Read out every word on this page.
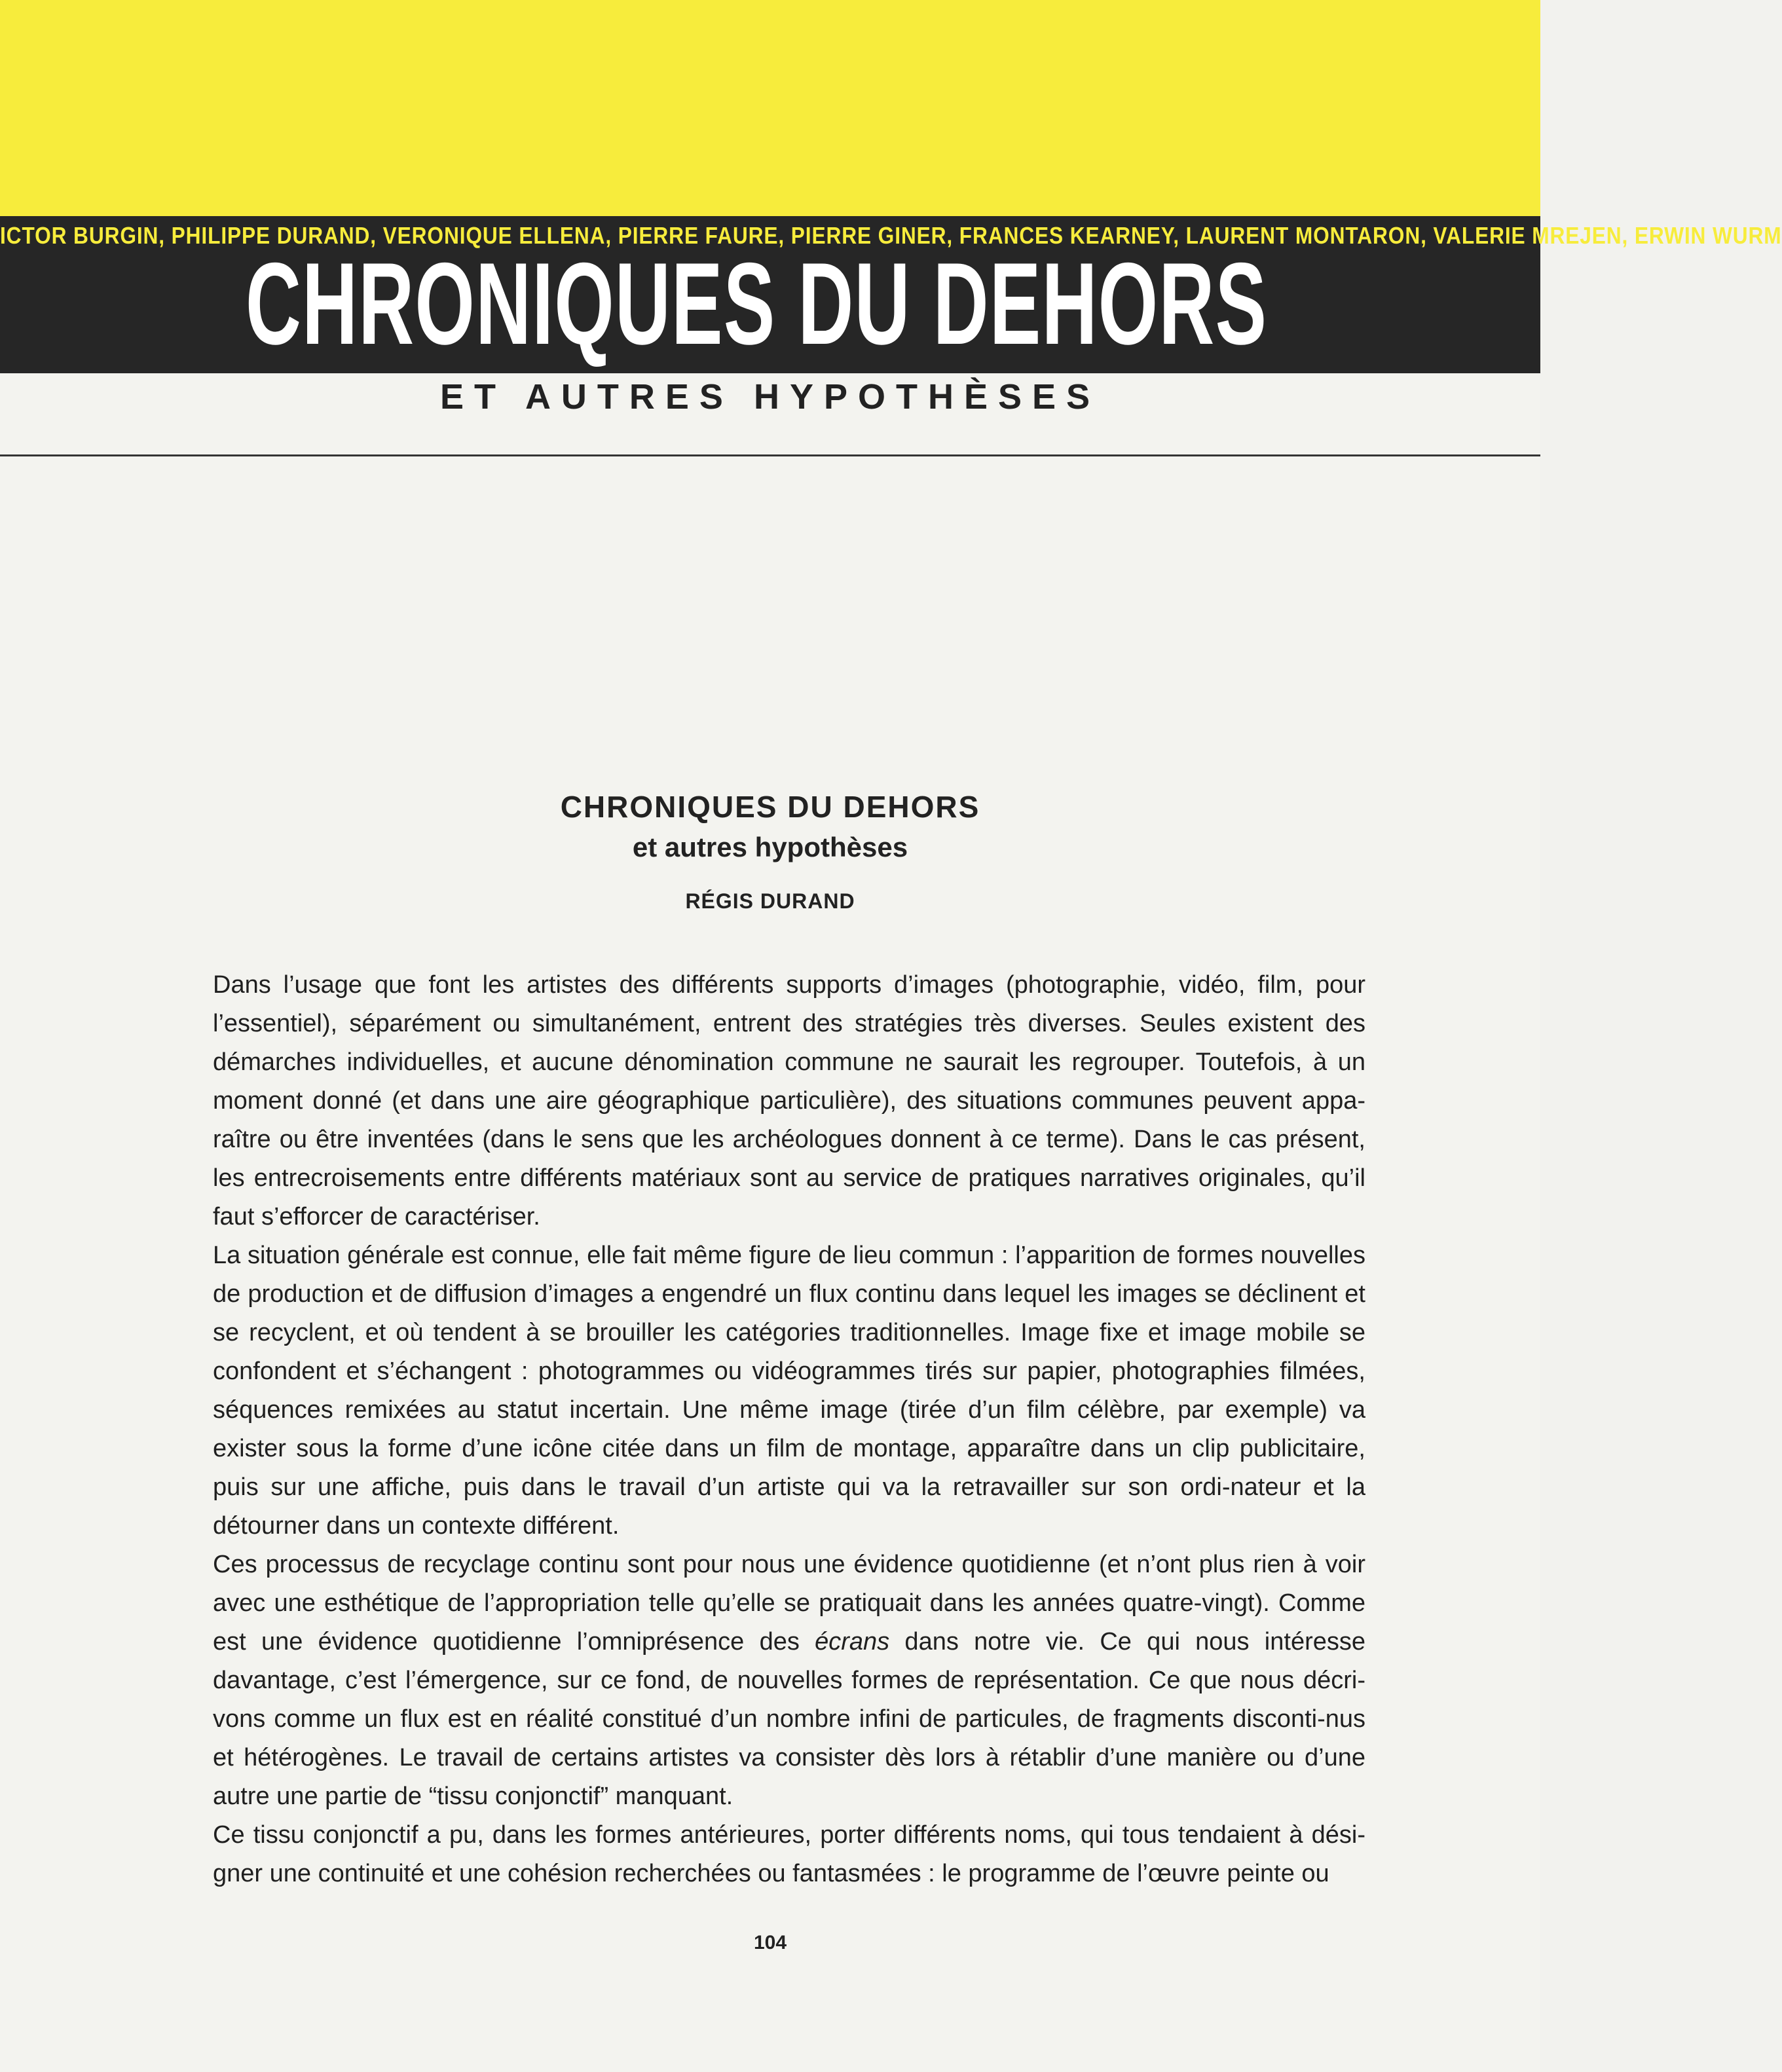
ICTOR BURGIN, PHILIPPE DURAND, VERONIQUE ELLENA, PIERRE FAURE, PIERRE GINER, FRANCES KEARNEY, LAURENT MONTARON, VALERIE MREJEN, ERWIN WURM
CHRONIQUES DU DEHORS
ET AUTRES HYPOTHÈSES
CHRONIQUES DU DEHORS
et autres hypothèses
RÉGIS DURAND

Dans l’usage que font les artistes des différents supports d’images (photographie, vidéo, film, pour l’essentiel), séparément ou simultanément, entrent des stratégies très diverses. Seules existent des démarches individuelles, et aucune dénomination commune ne saurait les regrouper. Toutefois, à un moment donné (et dans une aire géographique particulière), des situations communes peuvent appa-raître ou être inventées (dans le sens que les archéologues donnent à ce terme). Dans le cas présent, les entrecroisements entre différents matériaux sont au service de pratiques narratives originales, qu’il faut s’efforcer de caractériser.

La situation générale est connue, elle fait même figure de lieu commun : l’apparition de formes nouvelles de production et de diffusion d’images a engendré un flux continu dans lequel les images se déclinent et se recyclent, et où tendent à se brouiller les catégories traditionnelles. Image fixe et image mobile se confondent et s’échangent : photogrammes ou vidéogrammes tirés sur papier, photographies filmées, séquences remixées au statut incertain. Une même image (tirée d’un film célèbre, par exemple) va exister sous la forme d’une icône citée dans un film de montage, apparaître dans un clip publicitaire, puis sur une affiche, puis dans le travail d’un artiste qui va la retravailler sur son ordi-nateur et la détourner dans un contexte différent.

Ces processus de recyclage continu sont pour nous une évidence quotidienne (et n’ont plus rien à voir avec une esthétique de l’appropriation telle qu’elle se pratiquait dans les années quatre-vingt). Comme est une évidence quotidienne l’omniprésence des écrans dans notre vie. Ce qui nous intéresse davantage, c’est l’émergence, sur ce fond, de nouvelles formes de représentation. Ce que nous décri-vons comme un flux est en réalité constitué d’un nombre infini de particules, de fragments disconti-nus et hétérogènes. Le travail de certains artistes va consister dès lors à rétablir d’une manière ou d’une autre une partie de “tissu conjonctif” manquant.

Ce tissu conjonctif a pu, dans les formes antérieures, porter différents noms, qui tous tendaient à dési-gner une continuité et une cohésion recherchées ou fantasmées : le programme de l’œuvre peinte ou

104
